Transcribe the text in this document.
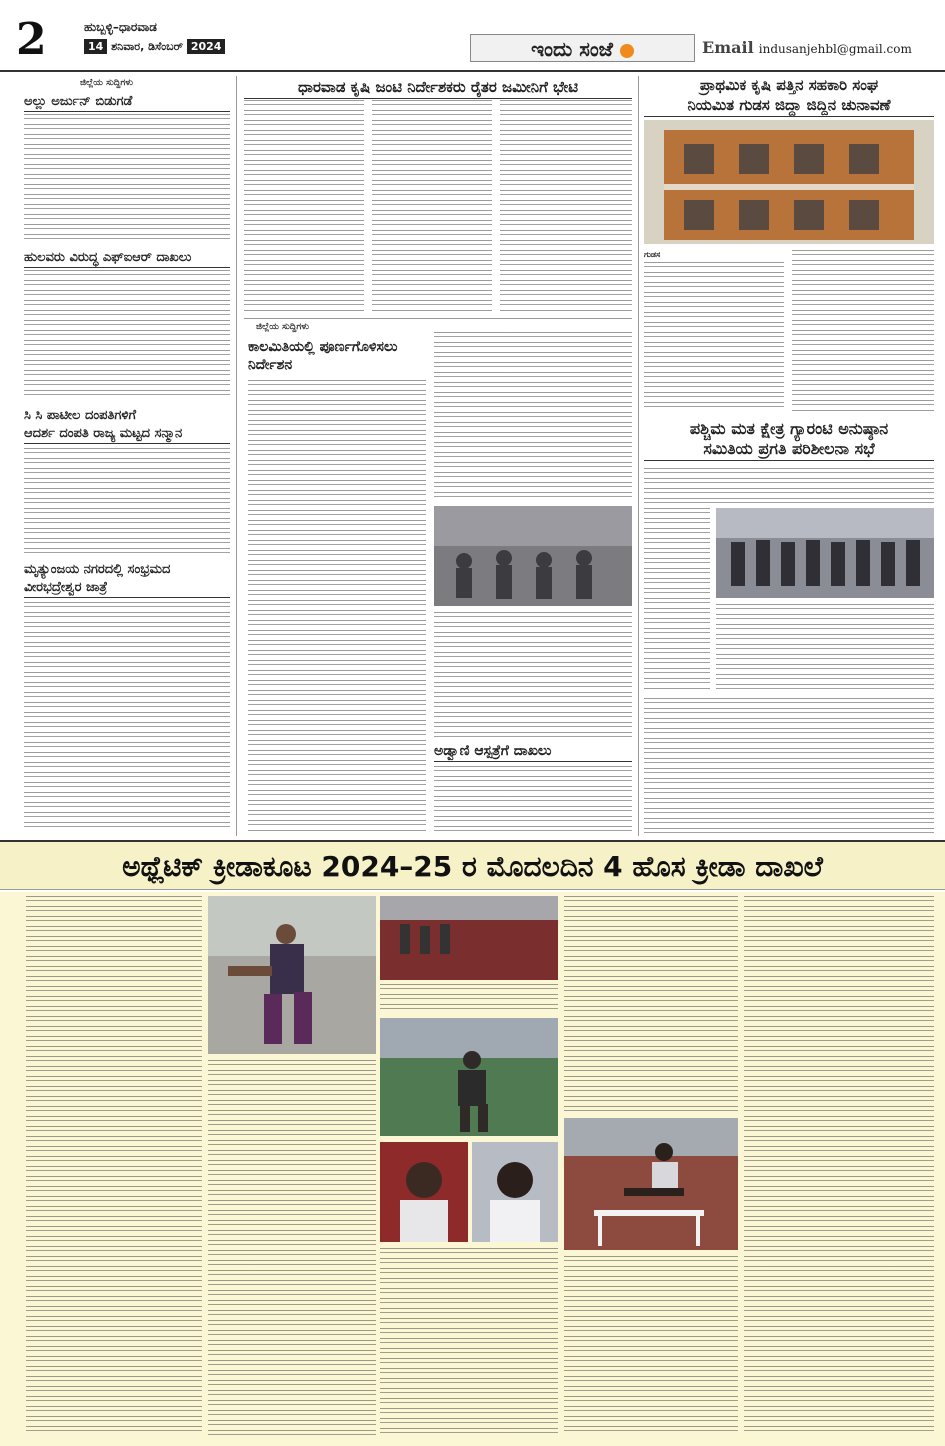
2	ಹುಬ್ಬಳ್ಳಿ–ಧಾರವಾಡ
14 ಶನಿವಾರ, ಡಿಸೆಂಬರ್ 2024	ಇಂದು ಸಂಜೆ	Email indusanjehbl@gmail.com
ಜಿಲ್ಲೆಯ ಸುದ್ದಿಗಳು
ಅಲ್ಲು ಅರ್ಜುನ್ ಬಿಡುಗಡೆ
ಹುಲವರು ವಿರುದ್ಧ ಎಫ್‌ಐಆರ್ ದಾಖಲು
ಸಿ ಸಿ ಪಾಟೀಲ ದಂಪತಿಗಳಿಗೆ
ಆದರ್ಶ ದಂಪತಿ ರಾಜ್ಯ ಮಟ್ಟದ ಸನ್ಮಾನ
ಮೃತ್ಯುಂಜಯ ನಗರದಲ್ಲಿ ಸಂಭ್ರಮದ
ವೀರಭದ್ರೇಶ್ವರ ಜಾತ್ರೆ
ಧಾರವಾಡ ಕೃಷಿ ಜಂಟಿ ನಿರ್ದೇಶಕರು ರೈತರ ಜಮೀನಿಗೆ ಭೇಟಿ
ಜಿಲ್ಲೆಯ ಸುದ್ದಿಗಳು
ಕಾಲಮಿತಿಯಲ್ಲಿ ಪೂರ್ಣಗೊಳಿಸಲು
ನಿರ್ದೇಶನ
ಅಡ್ವಾಣಿ ಆಸ್ಪತ್ರೆಗೆ ದಾಖಲು
ಪ್ರಾಥಮಿಕ ಕೃಷಿ ಪತ್ತಿನ ಸಹಕಾರಿ ಸಂಘ
ನಿಯಮಿತ ಗುಡಸ ಜಿದ್ದಾ ಜಿದ್ದಿನ ಚುನಾವಣೆ
ಗುಡಸ
ಪಶ್ಚಿಮ ಮತ ಕ್ಷೇತ್ರ ಗ್ಯಾರಂಟಿ ಅನುಷ್ಠಾನ
ಸಮಿತಿಯ ಪ್ರಗತಿ ಪರಿಶೀಲನಾ ಸಭೆ
ಅಥ್ಲೆಟಿಕ್ ಕ್ರೀಡಾಕೂಟ 2024–25 ರ ಮೊದಲದಿನ 4 ಹೊಸ ಕ್ರೀಡಾ ದಾಖಲೆ
